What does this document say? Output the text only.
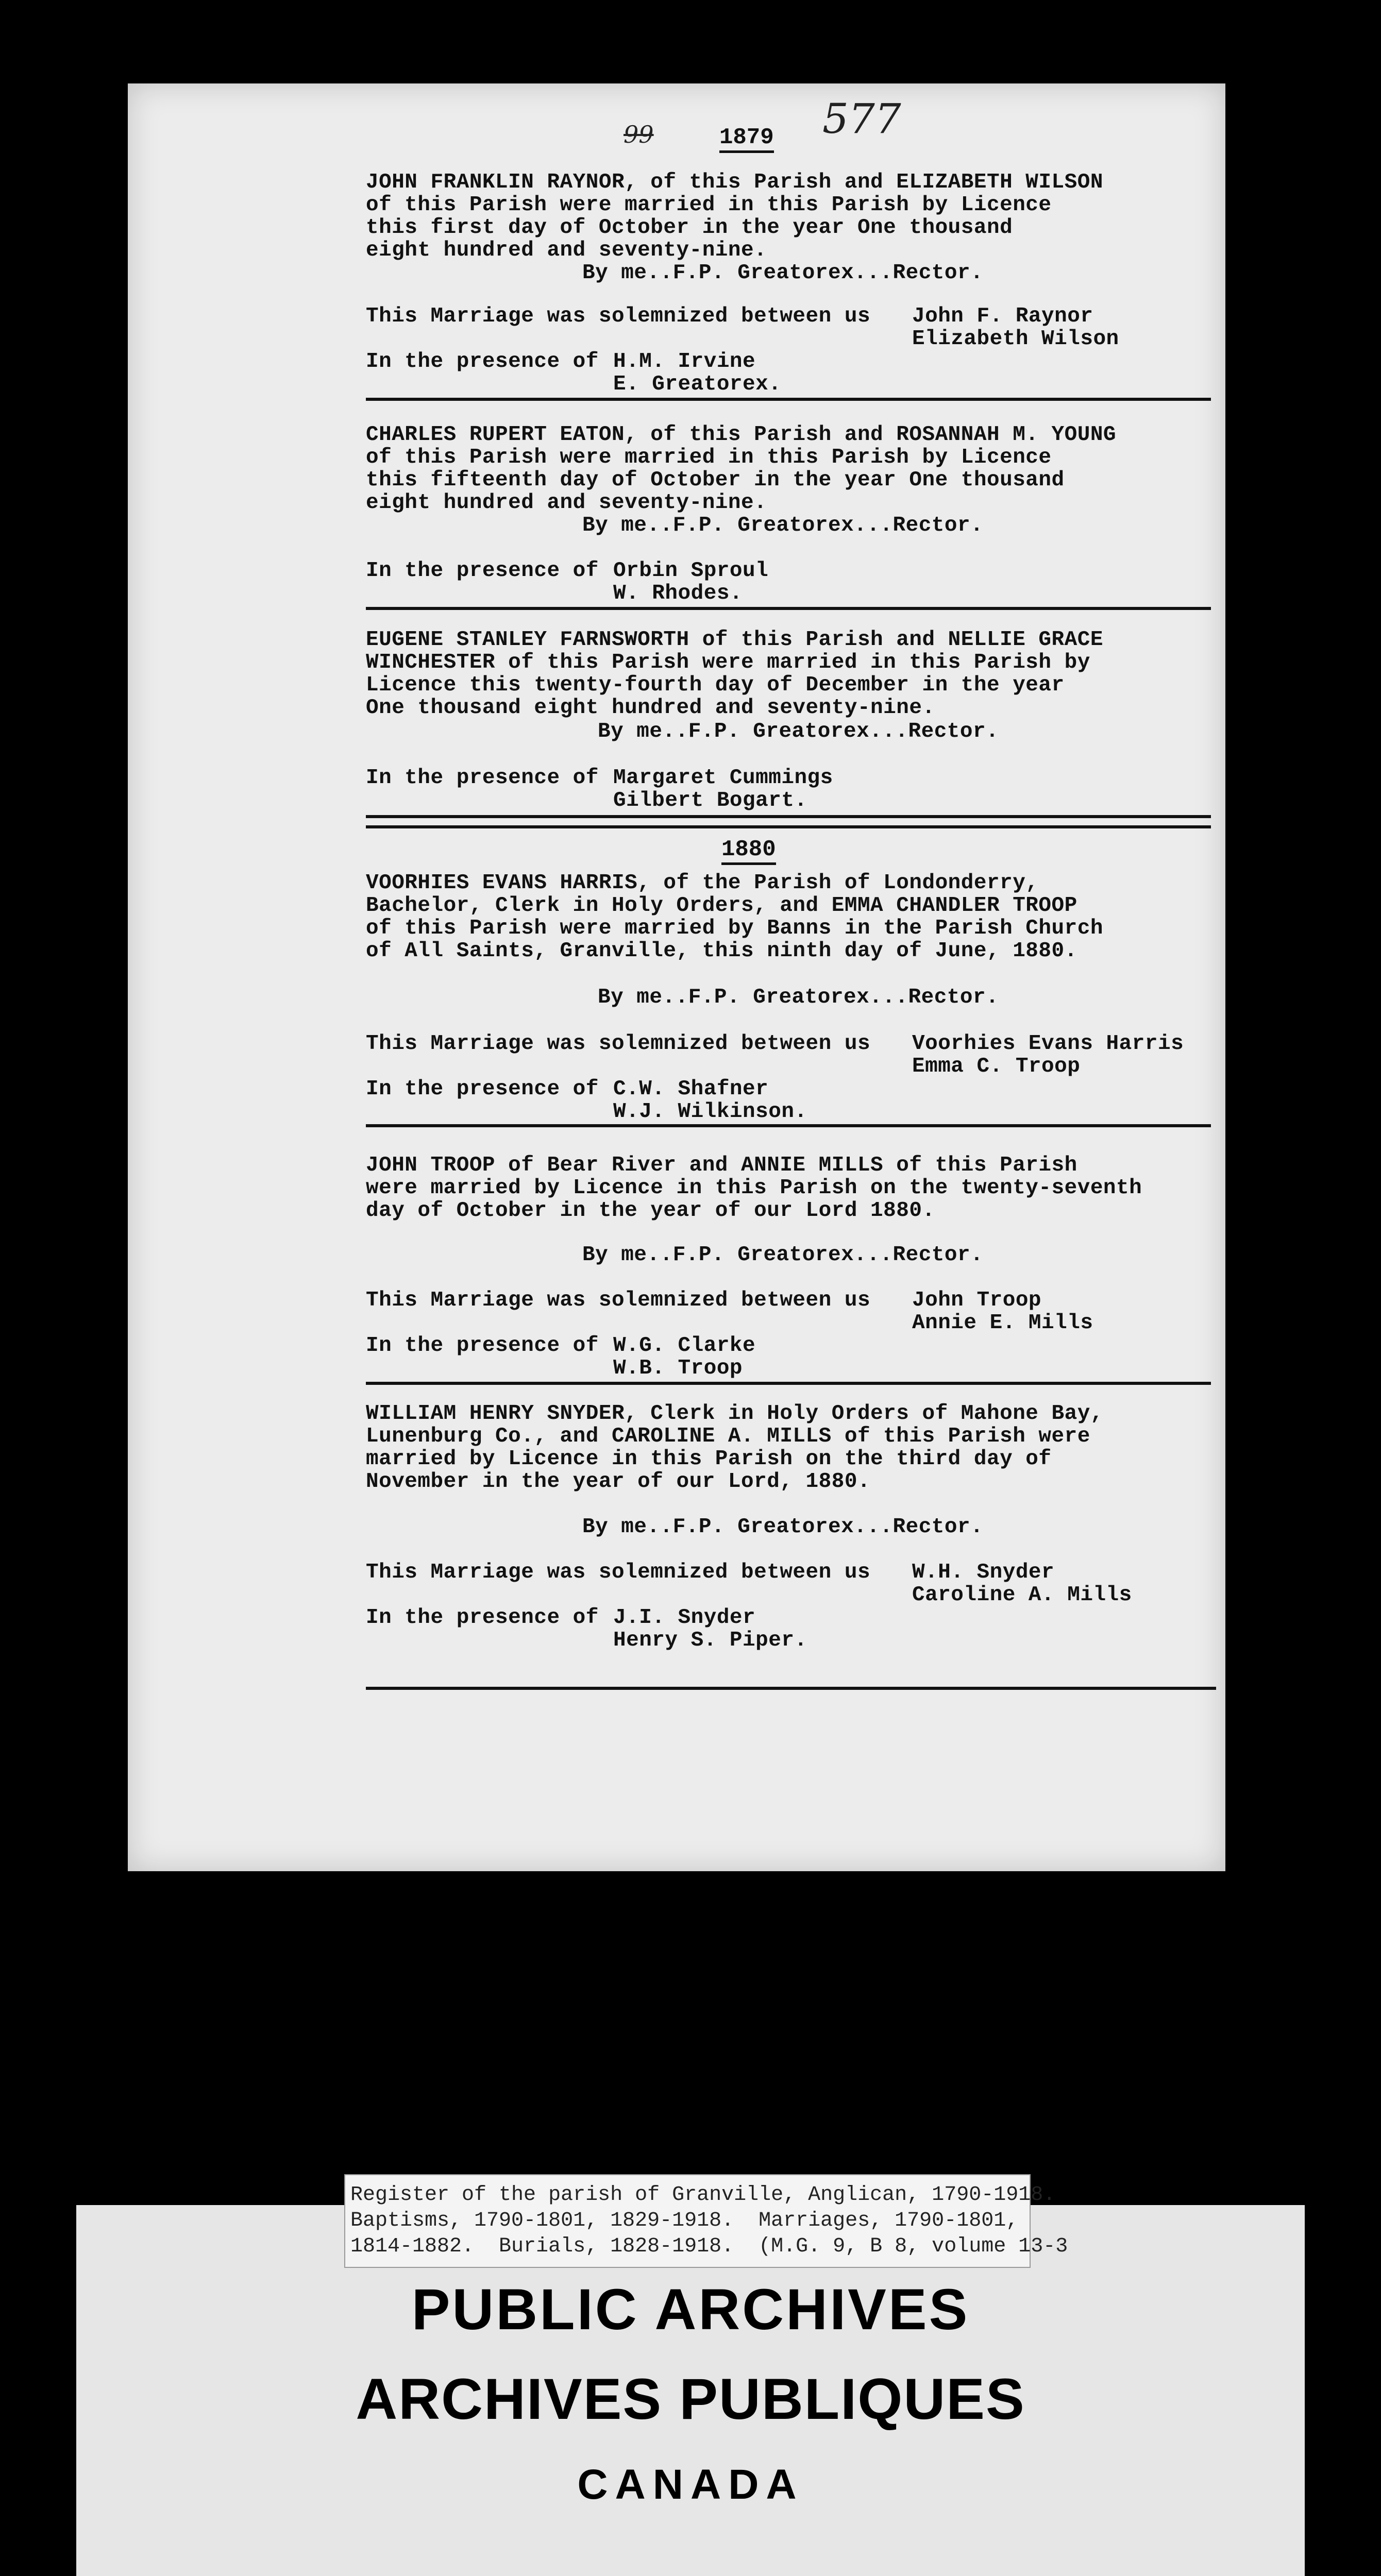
99	1879 577
JOHN FRANKLIN RAYNOR, of this Parish and ELIZABETH WILSON
of this Parish were married in this Parish by Licence
this first day of October in the year One thousand
eight hundred and seventy-nine.
By me..F.P. Greatorex...Rector.
This Marriage was solemnized between us John F. Raynor
Elizabeth Wilson
In the presence of H.M. Irvine
E. Greatorex.
CHARLES RUPERT EATON, of this Parish and ROSANNAH M. YOUNG
of this Parish were married in this Parish by Licence
this fifteenth day of October in the year One thousand
eight hundred and seventy-nine.
By me..F.P. Greatorex...Rector.
In the presence of Orbin Sproul
W. Rhodes.
EUGENE STANLEY FARNSWORTH of this Parish and NELLIE GRACE
WINCHESTER of this Parish were married in this Parish by
Licence this twenty-fourth day of December in the year
One thousand eight hundred and seventy-nine.
By me..F.P. Greatorex...Rector.
In the presence of Margaret Cummings
Gilbert Bogart.
1880
VOORHIES EVANS HARRIS, of the Parish of Londonderry,
Bachelor, Clerk in Holy Orders, and EMMA CHANDLER TROOP
of this Parish were married by Banns in the Parish Church
of All Saints, Granville, this ninth day of June, 1880.
By me..F.P. Greatorex...Rector.
This Marriage was solemnized between us Voorhies Evans Harris
Emma C. Troop
In the presence of C.W. Shafner
W.J. Wilkinson.
JOHN TROOP of Bear River and ANNIE MILLS of this Parish
were married by Licence in this Parish on the twenty-seventh
day of October in the year of our Lord 1880.
By me..F.P. Greatorex...Rector.
This Marriage was solemnized between us John Troop
Annie E. Mills
In the presence of W.G. Clarke
W.B. Troop
WILLIAM HENRY SNYDER, Clerk in Holy Orders of Mahone Bay,
Lunenburg Co., and CAROLINE A. MILLS of this Parish were
married by Licence in this Parish on the third day of
November in the year of our Lord, 1880.
By me..F.P. Greatorex...Rector.
This Marriage was solemnized between us W.H. Snyder
Caroline A. Mills
In the presence of J.I. Snyder
Henry S. Piper.
Register of the parish of Granville, Anglican, 1790-1918.
Baptisms, 1790-1801, 1829-1918.  Marriages, 1790-1801,
1814-1882.  Burials, 1828-1918.  (M.G. 9, B 8, volume 13-3
PUBLIC ARCHIVES
ARCHIVES PUBLIQUES
CANADA
